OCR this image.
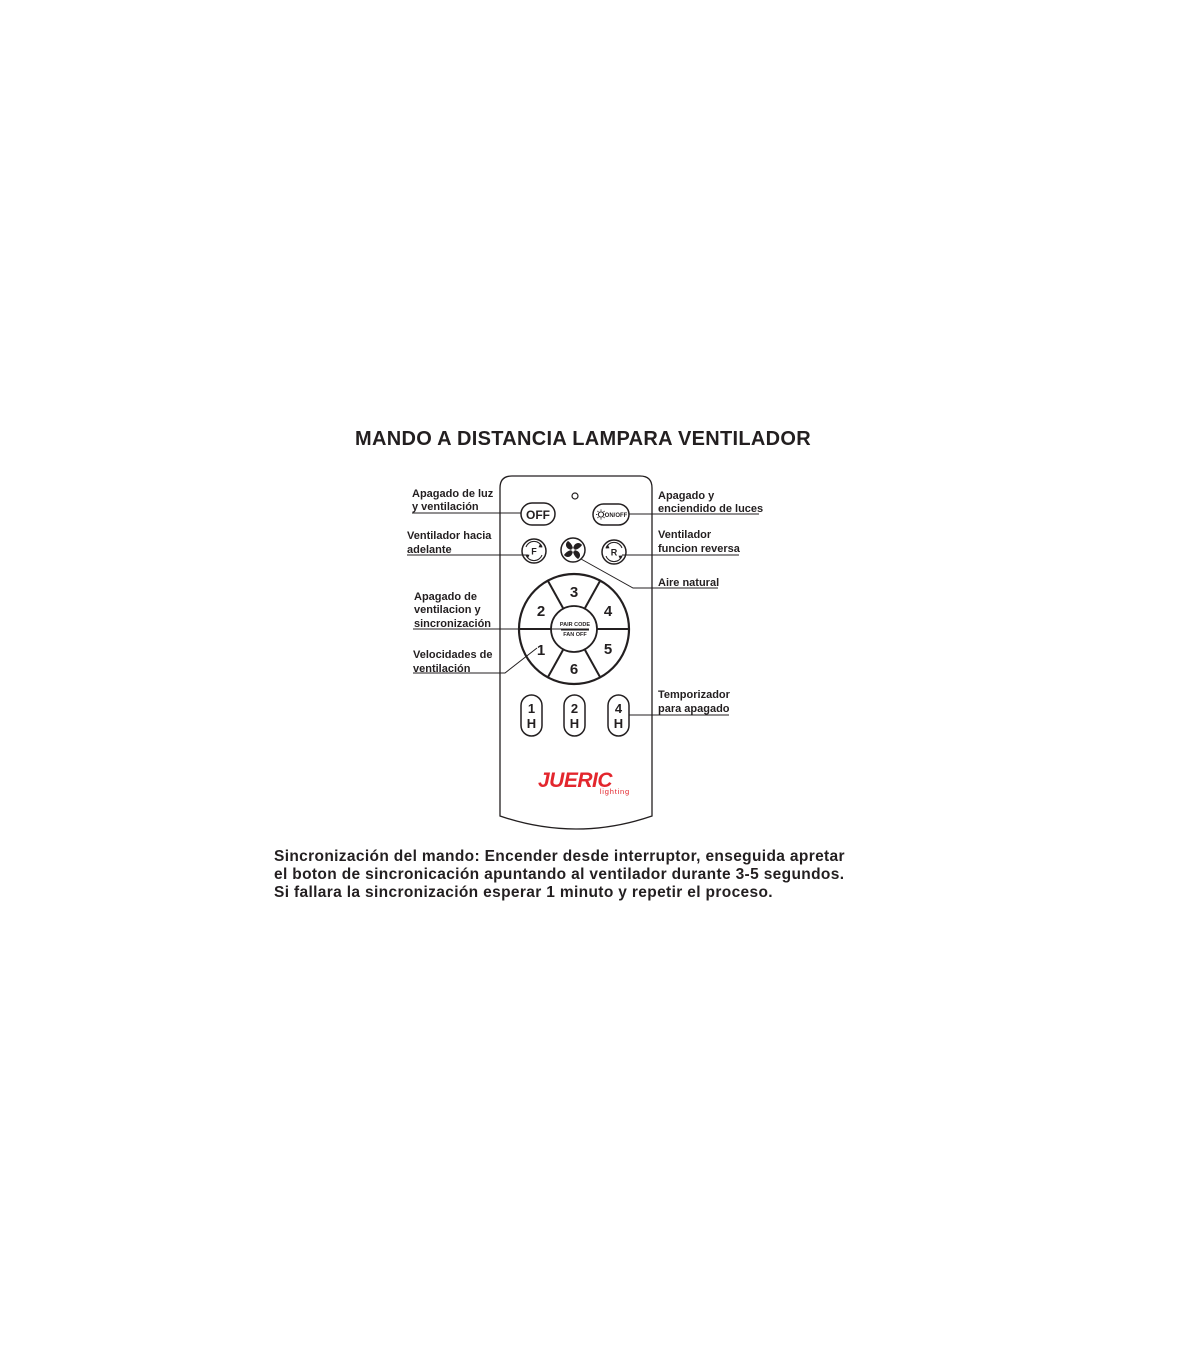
MANDO A DISTANCIA LAMPARA VENTILADOR
OFF	ON/OFF
F	R
PAIR CODE
FAN OFF
1
2
3
4
5
6
1
H
2
H
4
H
JUERIC
lighting
Apagado de luz y ventilación
Apagado y encіendido de luces
Ventilador hacia adelante
Ventilador funcion reversa
Aire natural
Apagado de ventilacion y sincronización
Velocidades de ventilación
Temporizador para apagado
Sincronización del mando: Encender desde interruptor, enseguida apretar
el boton de sincronicación apuntando al ventilador durante 3-5 segundos.
Si fallara la sincronización esperar 1 minuto y repetir el proceso.
